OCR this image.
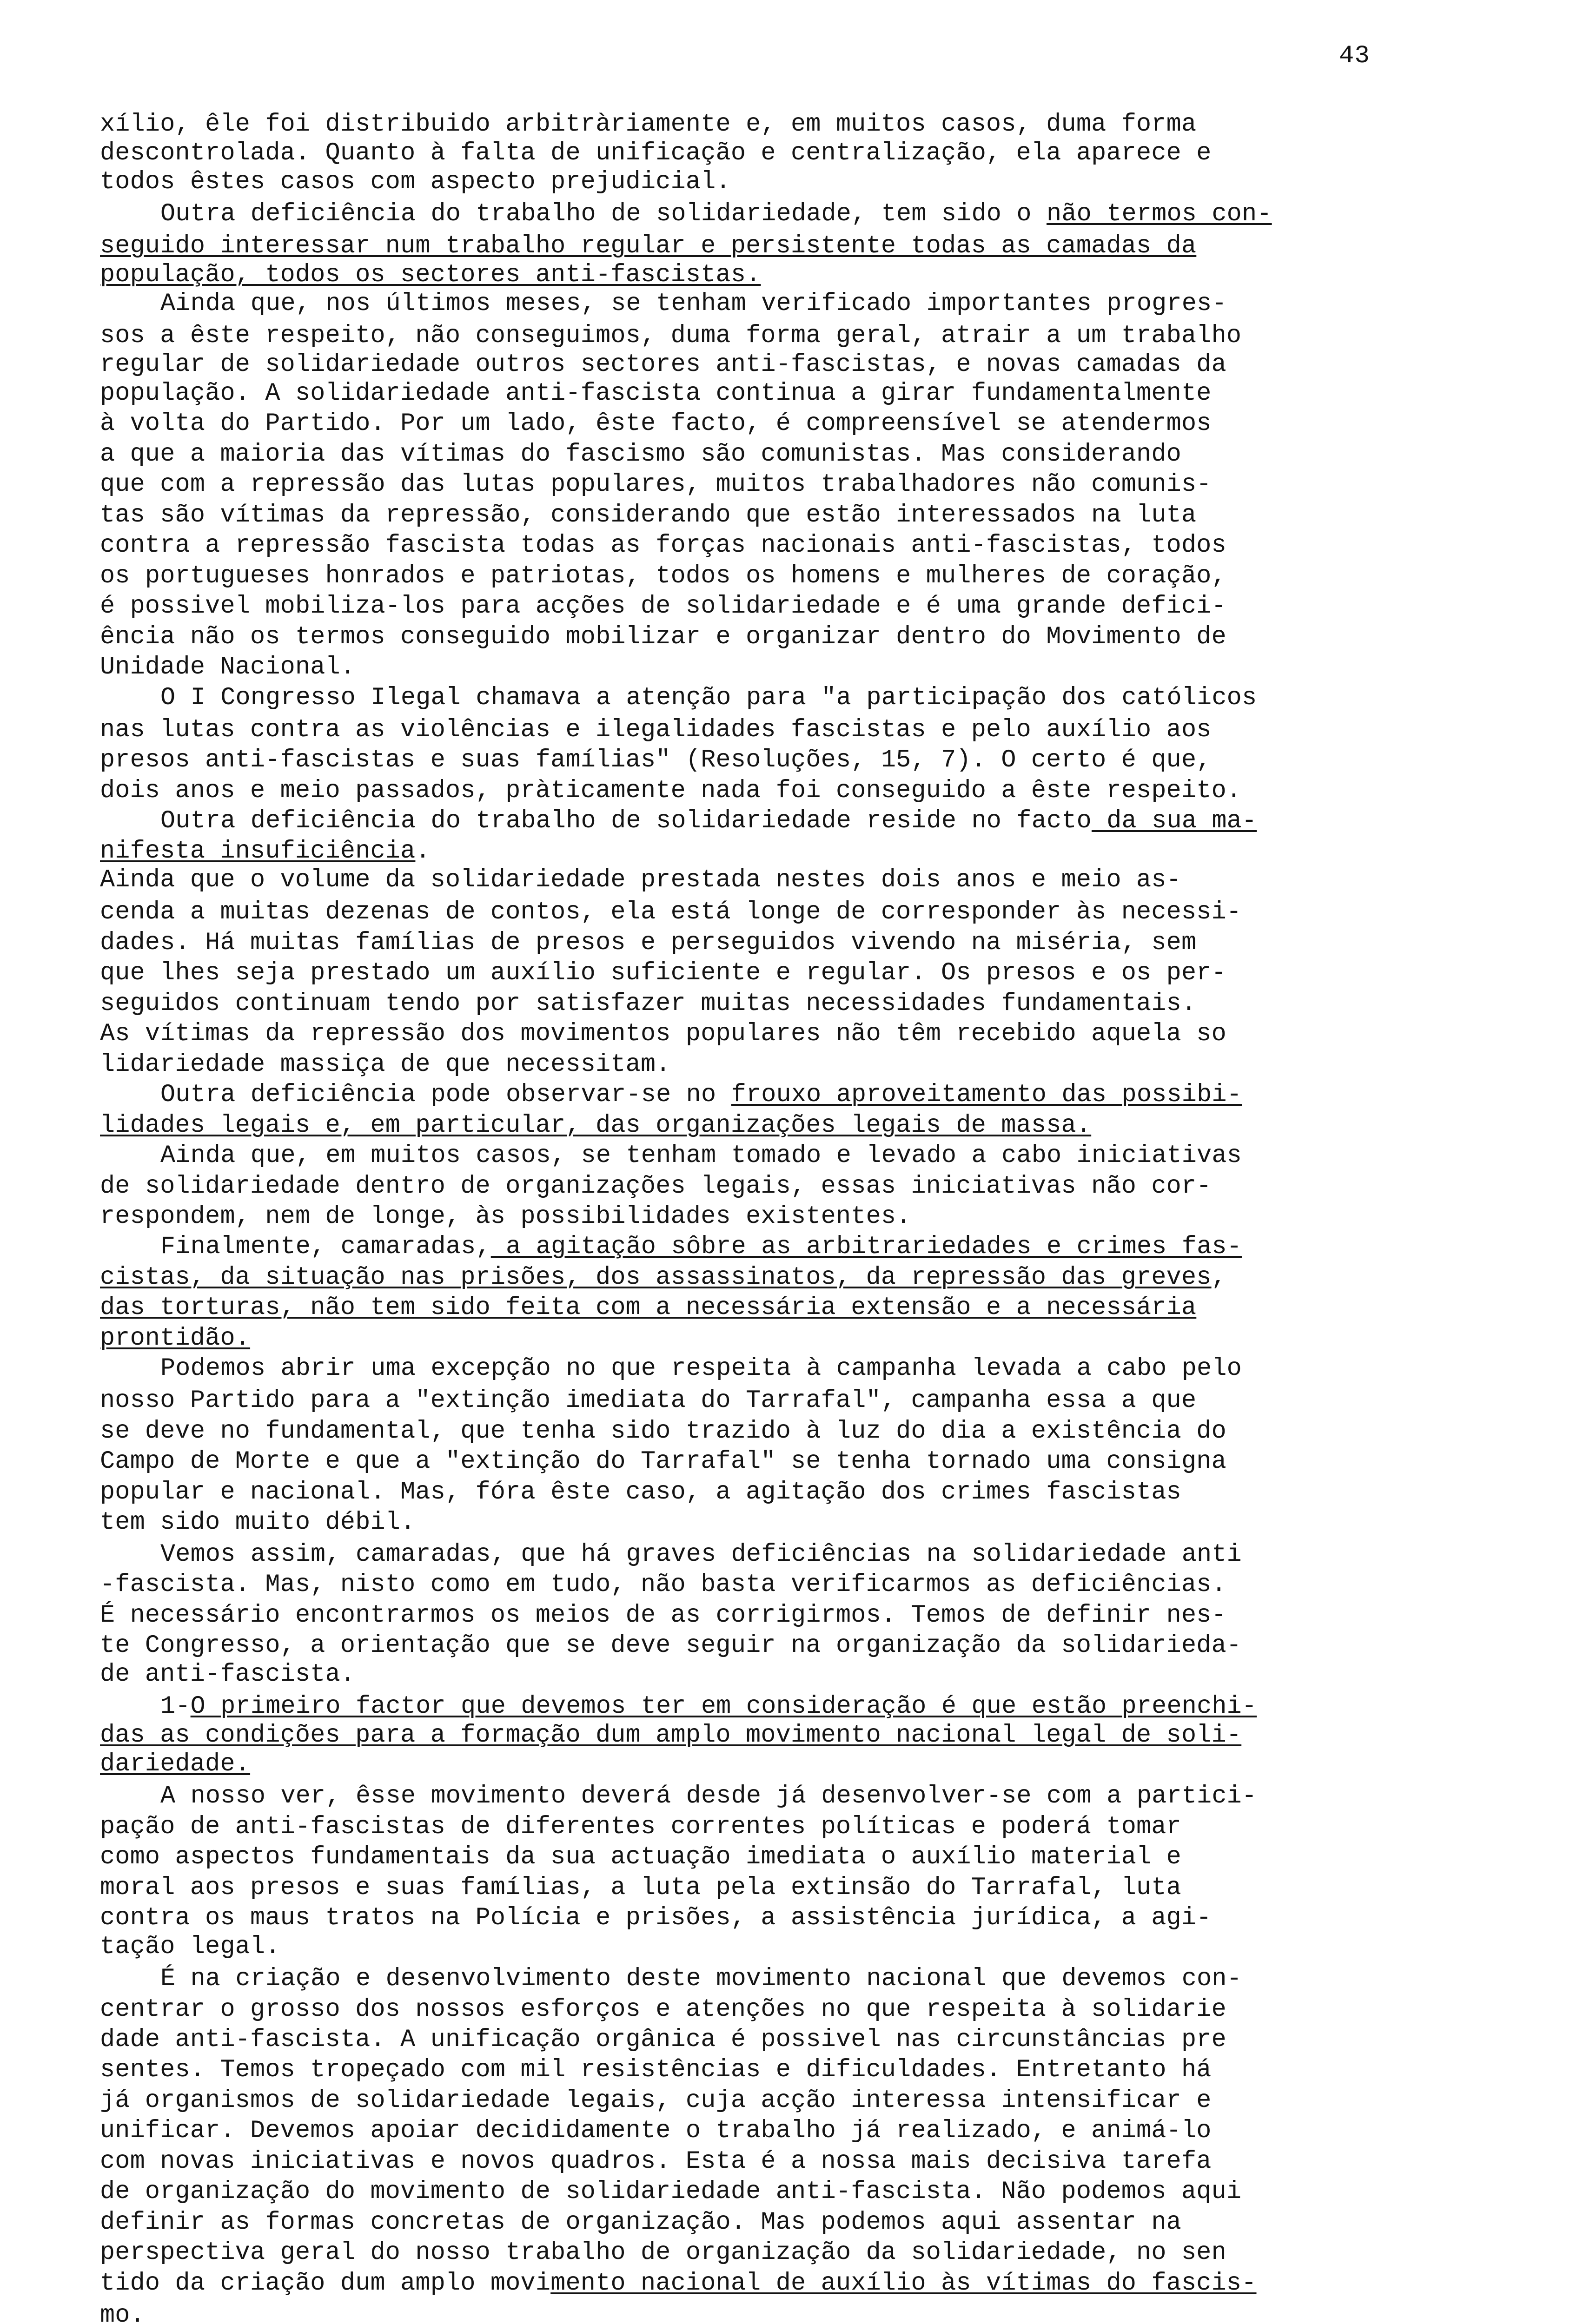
43
xílio, êle foi distribuido arbitràriamente e, em muitos casos, duma forma
descontrolada. Quanto à falta de unificação e centralização, ela aparece e
todos êstes casos com aspecto prejudicial.
Outra deficiência do trabalho de solidariedade, tem sido o não termos con-
seguido interessar num trabalho regular e persistente todas as camadas da
população, todos os sectores anti-fascistas.
Ainda que, nos últimos meses, se tenham verificado importantes progres-
sos a êste respeito, não conseguimos, duma forma geral, atrair a um trabalho
regular de solidariedade outros sectores anti-fascistas, e novas camadas da
população. A solidariedade anti-fascista continua a girar fundamentalmente
à volta do Partido. Por um lado, êste facto, é compreensível se atendermos
a que a maioria das vítimas do fascismo são comunistas. Mas considerando
que com a repressão das lutas populares, muitos trabalhadores não comunis-
tas são vítimas da repressão, considerando que estão interessados na luta
contra a repressão fascista todas as forças nacionais anti-fascistas, todos
os portugueses honrados e patriotas, todos os homens e mulheres de coração,
é possivel mobiliza-los para acções de solidariedade e é uma grande defici-
ência não os termos conseguido mobilizar e organizar dentro do Movimento de
Unidade Nacional.
O I Congresso Ilegal chamava a atenção para "a participação dos católicos
nas lutas contra as violências e ilegalidades fascistas e pelo auxílio aos
presos anti-fascistas e suas famílias" (Resoluções, 15, 7). O certo é que,
dois anos e meio passados, pràticamente nada foi conseguido a êste respeito.
Outra deficiência do trabalho de solidariedade reside no facto da sua ma-
nifesta insuficiência.
Ainda que o volume da solidariedade prestada nestes dois anos e meio as-
cenda a muitas dezenas de contos, ela está longe de corresponder às necessi-
dades. Há muitas famílias de presos e perseguidos vivendo na miséria, sem
que lhes seja prestado um auxílio suficiente e regular. Os presos e os per-
seguidos continuam tendo por satisfazer muitas necessidades fundamentais.
As vítimas da repressão dos movimentos populares não têm recebido aquela so
lidariedade massiça de que necessitam.
Outra deficiência pode observar-se no frouxo aproveitamento das possibi-
lidades legais e, em particular, das organizações legais de massa.
Ainda que, em muitos casos, se tenham tomado e levado a cabo iniciativas
de solidariedade dentro de organizações legais, essas iniciativas não cor-
respondem, nem de longe, às possibilidades existentes.
Finalmente, camaradas, a agitação sôbre as arbitrariedades e crimes fas-
cistas, da situação nas prisões, dos assassinatos, da repressão das greves,
das torturas, não tem sido feita com a necessária extensão e a necessária
prontidão.
Podemos abrir uma excepção no que respeita à campanha levada a cabo pelo
nosso Partido para a "extinção imediata do Tarrafal", campanha essa a que
se deve no fundamental, que tenha sido trazido à luz do dia a existência do
Campo de Morte e que a "extinção do Tarrafal" se tenha tornado uma consigna
popular e nacional. Mas, fóra êste caso, a agitação dos crimes fascistas
tem sido muito débil.
Vemos assim, camaradas, que há graves deficiências na solidariedade anti
-fascista. Mas, nisto como em tudo, não basta verificarmos as deficiências.
É necessário encontrarmos os meios de as corrigirmos. Temos de definir nes-
te Congresso, a orientação que se deve seguir na organização da solidarieda-
de anti-fascista.
1-O primeiro factor que devemos ter em consideração é que estão preenchi-
das as condições para a formação dum amplo movimento nacional legal de soli-
dariedade.
A nosso ver, êsse movimento deverá desde já desenvolver-se com a partici-
pação de anti-fascistas de diferentes correntes políticas e poderá tomar
como aspectos fundamentais da sua actuação imediata o auxílio material e
moral aos presos e suas famílias, a luta pela extinsão do Tarrafal, luta
contra os maus tratos na Polícia e prisões, a assistência jurídica, a agi-
tação legal.
É na criação e desenvolvimento deste movimento nacional que devemos con-
centrar o grosso dos nossos esforços e atenções no que respeita à solidarie
dade anti-fascista. A unificação orgânica é possivel nas circunstâncias pre
sentes. Temos tropeçado com mil resistências e dificuldades. Entretanto há
já organismos de solidariedade legais, cuja acção interessa intensificar e
unificar. Devemos apoiar decididamente o trabalho já realizado, e animá-lo
com novas iniciativas e novos quadros. Esta é a nossa mais decisiva tarefa
de organização do movimento de solidariedade anti-fascista. Não podemos aqui
definir as formas concretas de organização. Mas podemos aqui assentar na
perspectiva geral do nosso trabalho de organização da solidariedade, no sen
tido da criação dum amplo movimento nacional de auxílio às vítimas do fascis-
mo.
